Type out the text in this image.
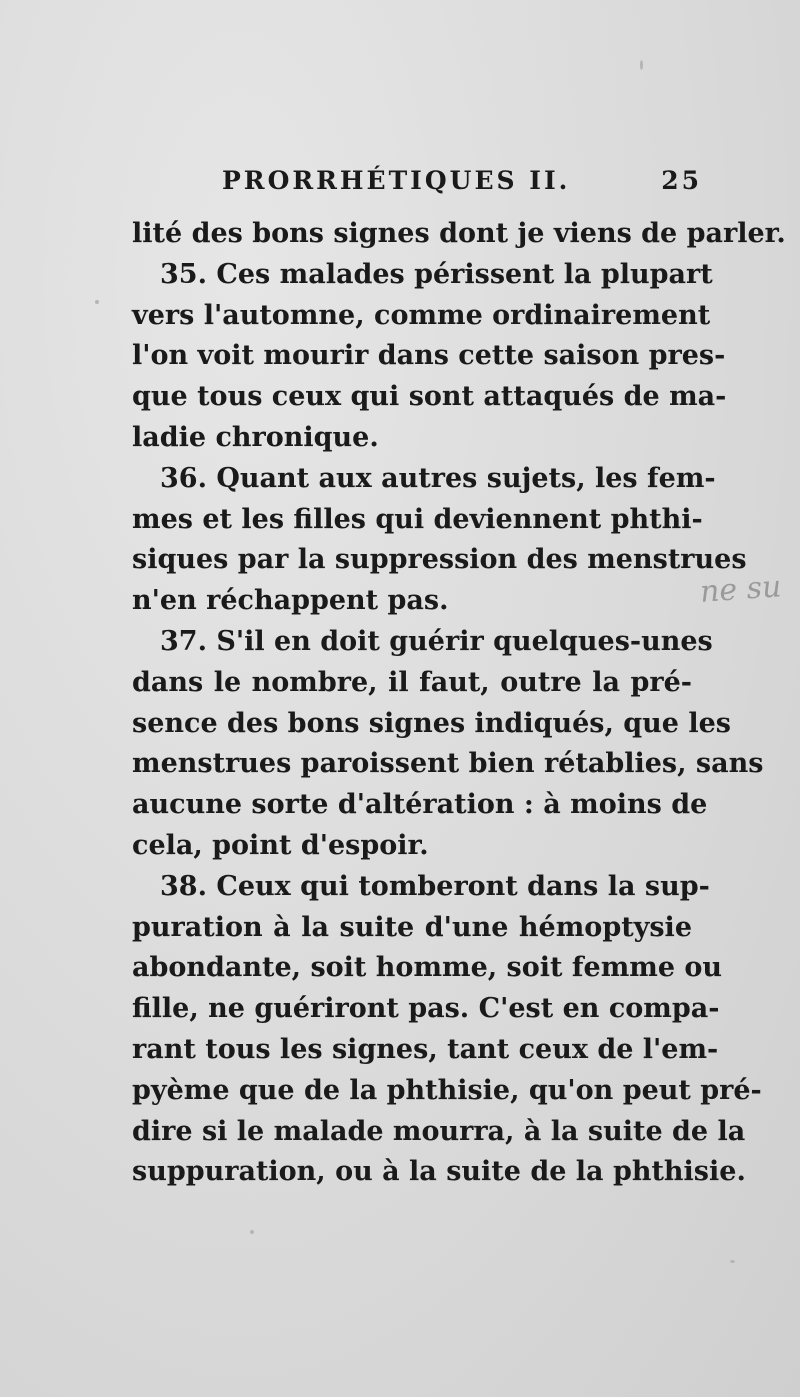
PRORRHÉTIQUES II.	25
lité des bons signes dont je viens de parler.
35. Ces malades périssent la plupart
vers l'automne, comme ordinairement
l'on voit mourir dans cette saison pres-
que tous ceux qui sont attaqués de ma-
ladie chronique.
36. Quant aux autres sujets, les fem-
mes et les filles qui deviennent phthi-
siques par la suppression des menstrues
n'en réchappent pas.
37. S'il en doit guérir quelques-unes
dans le nombre, il faut, outre la pré-
sence des bons signes indiqués, que les
menstrues paroissent bien rétablies, sans
aucune sorte d'altération : à moins de
cela, point d'espoir.
38. Ceux qui tomberont dans la sup-
puration à la suite d'une hémoptysie
abondante, soit homme, soit femme ou
fille, ne guériront pas. C'est en compa-
rant tous les signes, tant ceux de l'em-
pyème que de la phthisie, qu'on peut pré-
dire si le malade mourra, à la suite de la
suppuration, ou à la suite de la phthisie.
ne su
